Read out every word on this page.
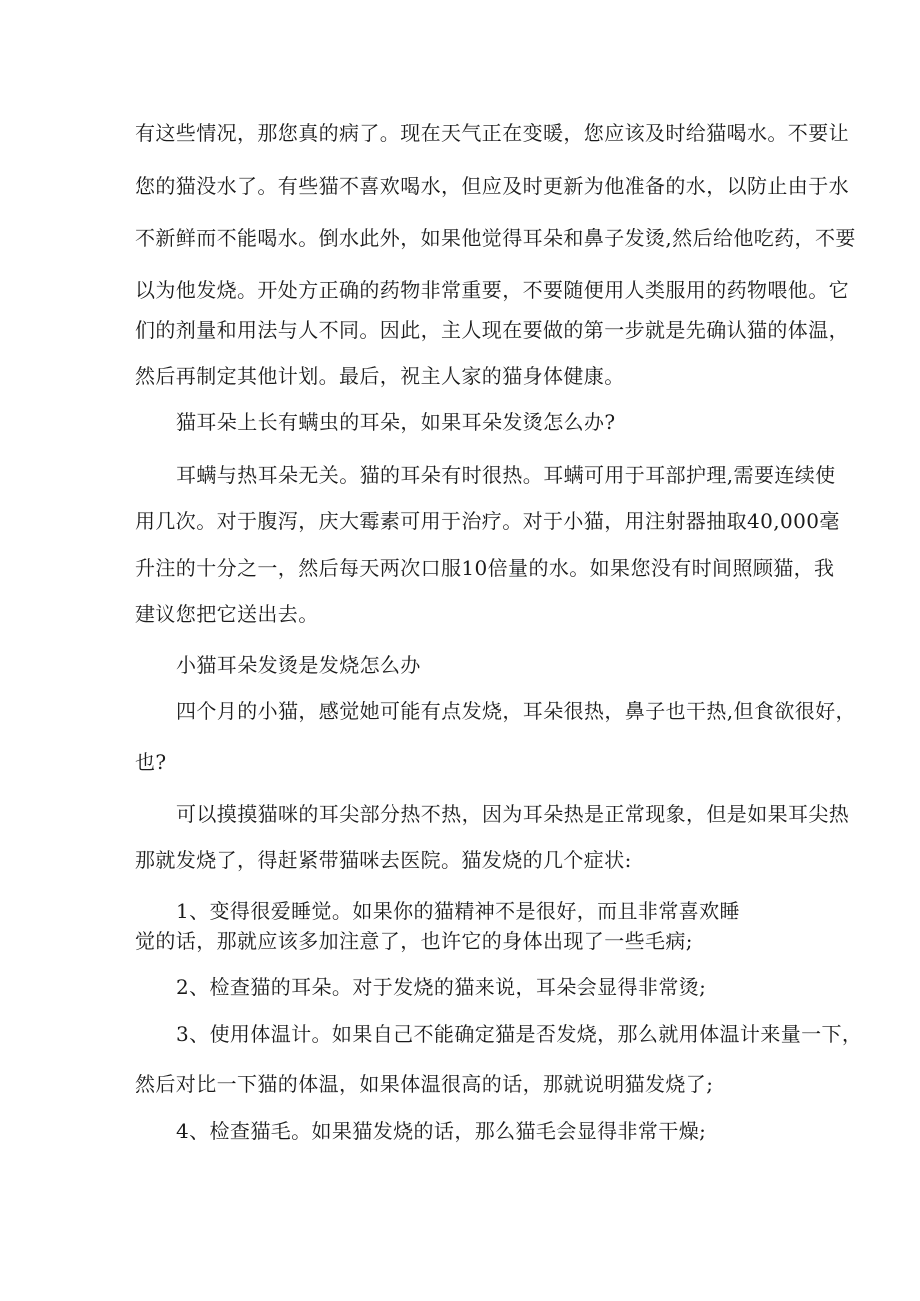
有这些情况，那您真的病了。现在天气正在变暖，您应该及时给猫喝水。不要让
您的猫没水了。有些猫不喜欢喝水，但应及时更新为他准备的水，以防止由于水
不新鲜而不能喝水。倒水此外，如果他觉得耳朵和鼻子发烫,然后给他吃药，不要
以为他发烧。开处方正确的药物非常重要，不要随便用人类服用的药物喂他。它
们的剂量和用法与人不同。因此，主人现在要做的第一步就是先确认猫的体温，
然后再制定其他计划。最后，祝主人家的猫身体健康。
猫耳朵上长有螨虫的耳朵，如果耳朵发烫怎么办?
耳螨与热耳朵无关。猫的耳朵有时很热。耳螨可用于耳部护理,需要连续使
用几次。对于腹泻，庆大霉素可用于治疗。对于小猫，用注射器抽取40,000毫
升注的十分之一，然后每天两次口服10倍量的水。如果您没有时间照顾猫，我
建议您把它送出去。
小猫耳朵发烫是发烧怎么办
四个月的小猫，感觉她可能有点发烧，耳朵很热，鼻子也干热,但食欲很好，
也?
可以摸摸猫咪的耳尖部分热不热，因为耳朵热是正常现象，但是如果耳尖热
那就发烧了，得赶紧带猫咪去医院。猫发烧的几个症状:
1、变得很爱睡觉。如果你的猫精神不是很好，而且非常喜欢睡
觉的话，那就应该多加注意了，也许它的身体出现了一些毛病;
2、检查猫的耳朵。对于发烧的猫来说，耳朵会显得非常烫;
3、使用体温计。如果自己不能确定猫是否发烧，那么就用体温计来量一下，
然后对比一下猫的体温，如果体温很高的话，那就说明猫发烧了;
4、检查猫毛。如果猫发烧的话，那么猫毛会显得非常干燥;
